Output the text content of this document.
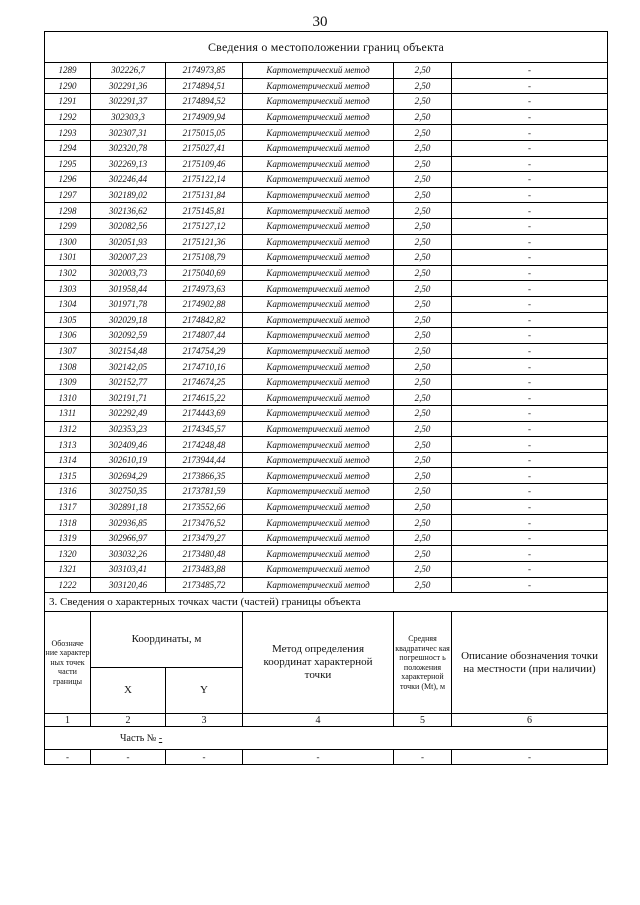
30
Сведения о местоположении границ объекта					
1289	302226,7	2174973,85	Картометрический метод	2,50	-
1290	302291,36	2174894,51	Картометрический метод	2,50	-
1291	302291,37	2174894,52	Картометрический метод	2,50	-
1292	302303,3	2174909,94	Картометрический метод	2,50	-
1293	302307,31	2175015,05	Картометрический метод	2,50	-
1294	302320,78	2175027,41	Картометрический метод	2,50	-
1295	302269,13	2175109,46	Картометрический метод	2,50	-
1296	302246,44	2175122,14	Картометрический метод	2,50	-
1297	302189,02	2175131,84	Картометрический метод	2,50	-
1298	302136,62	2175145,81	Картометрический метод	2,50	-
1299	302082,56	2175127,12	Картометрический метод	2,50	-
1300	302051,93	2175121,36	Картометрический метод	2,50	-
1301	302007,23	2175108,79	Картометрический метод	2,50	-
1302	302003,73	2175040,69	Картометрический метод	2,50	-
1303	301958,44	2174973,63	Картометрический метод	2,50	-
1304	301971,78	2174902,88	Картометрический метод	2,50	-
1305	302029,18	2174842,82	Картометрический метод	2,50	-
1306	302092,59	2174807,44	Картометрический метод	2,50	-
1307	302154,48	2174754,29	Картометрический метод	2,50	-
1308	302142,05	2174710,16	Картометрический метод	2,50	-
1309	302152,77	2174674,25	Картометрический метод	2,50	-
1310	302191,71	2174615,22	Картометрический метод	2,50	-
1311	302292,49	2174443,69	Картометрический метод	2,50	-
1312	302353,23	2174345,57	Картометрический метод	2,50	-
1313	302409,46	2174248,48	Картометрический метод	2,50	-
1314	302610,19	2173944,44	Картометрический метод	2,50	-
1315	302694,29	2173866,35	Картометрический метод	2,50	-
1316	302750,35	2173781,59	Картометрический метод	2,50	-
1317	302891,18	2173552,66	Картометрический метод	2,50	-
1318	302936,85	2173476,52	Картометрический метод	2,50	-
1319	302966,97	2173479,27	Картометрический метод	2,50	-
1320	303032,26	2173480,48	Картометрический метод	2,50	-
1321	303103,41	2173483,88	Картометрический метод	2,50	-
1222	303120,46	2173485,72	Картометрический метод	2,50	-
3. Сведения о характерных точках части (частей) границы объекта					
Обозначе ние характер ных точек части границы	Координаты, м		Метод определения координат характерной точки	Средняя квадратичес кая погрешност ь положения характерной точки (Mt), м	Описание обозначения точки на местности (при наличии)
	X	Y			
1	2	3	4	5	6
Часть № -					
-	-	-	-	-	-
